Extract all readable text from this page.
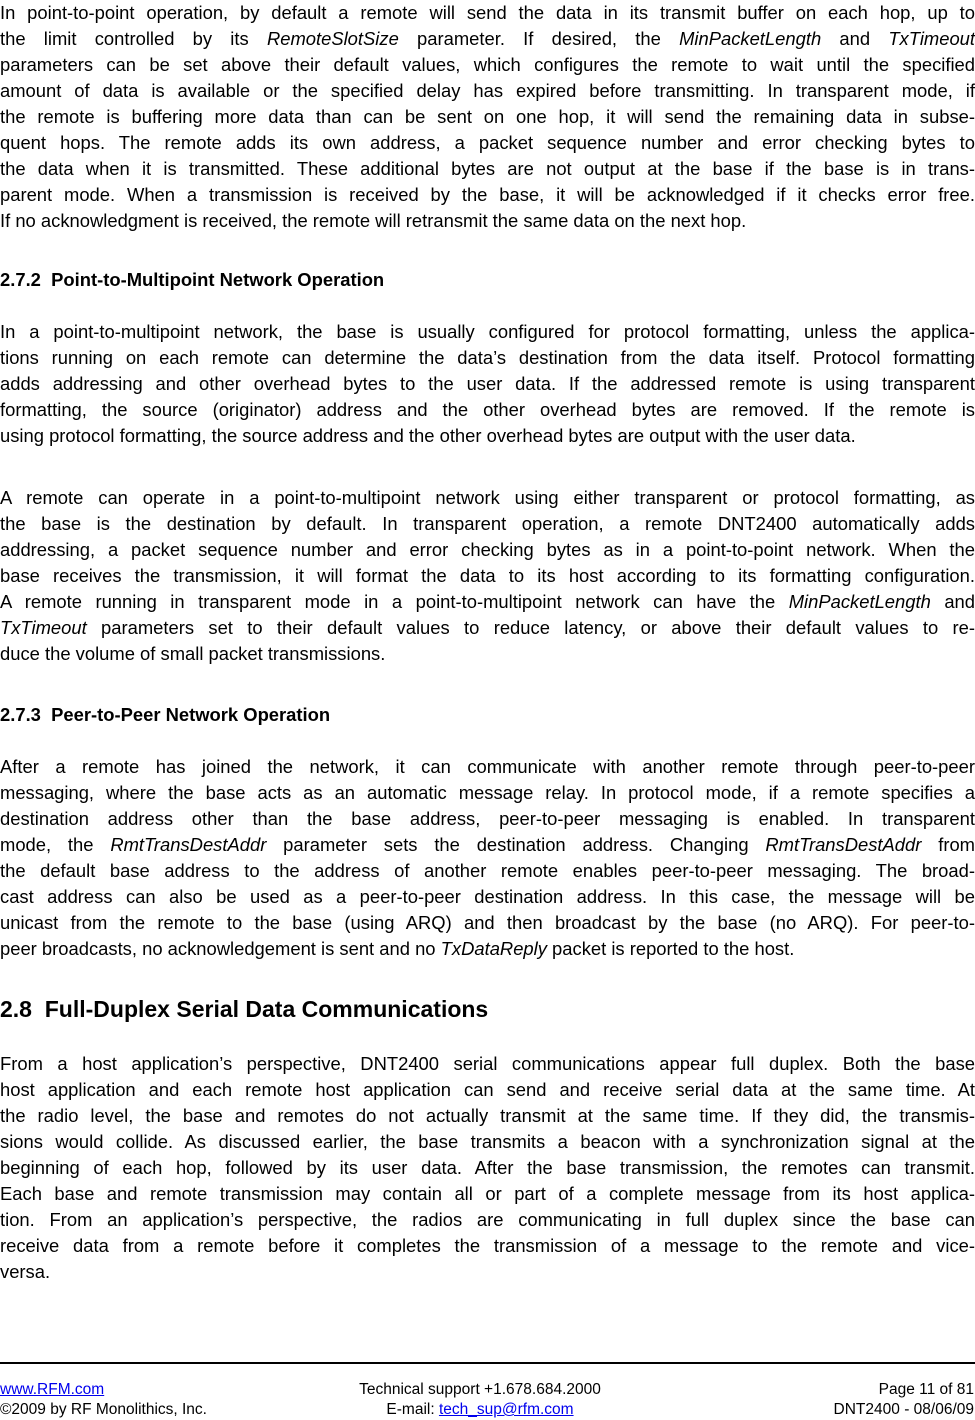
In point-to-point operation, by default a remote will send the data in its transmit buffer on each hop, up to
the limit controlled by its RemoteSlotSize parameter. If desired, the MinPacketLength and TxTimeout
parameters can be set above their default values, which configures the remote to wait until the specified
amount of data is available or the specified delay has expired before transmitting. In transparent mode, if
the remote is buffering more data than can be sent on one hop, it will send the remaining data in subse-
quent hops. The remote adds its own address, a packet sequence number and error checking bytes to
the data when it is transmitted. These additional bytes are not output at the base if the base is in trans-
parent mode. When a transmission is received by the base, it will be acknowledged if it checks error free.
If no acknowledgment is received, the remote will retransmit the same data on the next hop.
2.7.2  Point-to-Multipoint Network Operation
In a point-to-multipoint network, the base is usually configured for protocol formatting, unless the applica-
tions running on each remote can determine the data’s destination from the data itself. Protocol formatting
adds addressing and other overhead bytes to the user data. If the addressed remote is using transparent
formatting, the source (originator) address and the other overhead bytes are removed. If the remote is
using protocol formatting, the source address and the other overhead bytes are output with the user data.
A remote can operate in a point-to-multipoint network using either transparent or protocol formatting, as
the base is the destination by default. In transparent operation, a remote DNT2400 automatically adds
addressing, a packet sequence number and error checking bytes as in a point-to-point network. When the
base receives the transmission, it will format the data to its host according to its formatting configuration.
A remote running in transparent mode in a point-to-multipoint network can have the MinPacketLength and
TxTimeout parameters set to their default values to reduce latency, or above their default values to re-
duce the volume of small packet transmissions.
2.7.3  Peer-to-Peer Network Operation
After a remote has joined the network, it can communicate with another remote through peer-to-peer
messaging, where the base acts as an automatic message relay. In protocol mode, if a remote specifies a
destination address other than the base address, peer-to-peer messaging is enabled. In transparent
mode, the RmtTransDestAddr parameter sets the destination address. Changing RmtTransDestAddr from
the default base address to the address of another remote enables peer-to-peer messaging. The broad-
cast address can also be used as a peer-to-peer destination address. In this case, the message will be
unicast from the remote to the base (using ARQ) and then broadcast by the base (no ARQ). For peer-to-
peer broadcasts, no acknowledgement is sent and no TxDataReply packet is reported to the host.
2.8  Full-Duplex Serial Data Communications
From a host application’s perspective, DNT2400 serial communications appear full duplex. Both the base
host application and each remote host application can send and receive serial data at the same time. At
the radio level, the base and remotes do not actually transmit at the same time. If they did, the transmis-
sions would collide. As discussed earlier, the base transmits a beacon with a synchronization signal at the
beginning of each hop, followed by its user data. After the base transmission, the remotes can transmit.
Each base and remote transmission may contain all or part of a complete message from its host applica-
tion. From an application’s perspective, the radios are communicating in full duplex since the base can
receive data from a remote before it completes the transmission of a message to the remote and vice-
versa.
www.RFM.com
©2009 by RF Monolithics, Inc.
Technical support +1.678.684.2000
E-mail: tech_sup@rfm.com
Page 11 of 81
DNT2400 - 08/06/09
